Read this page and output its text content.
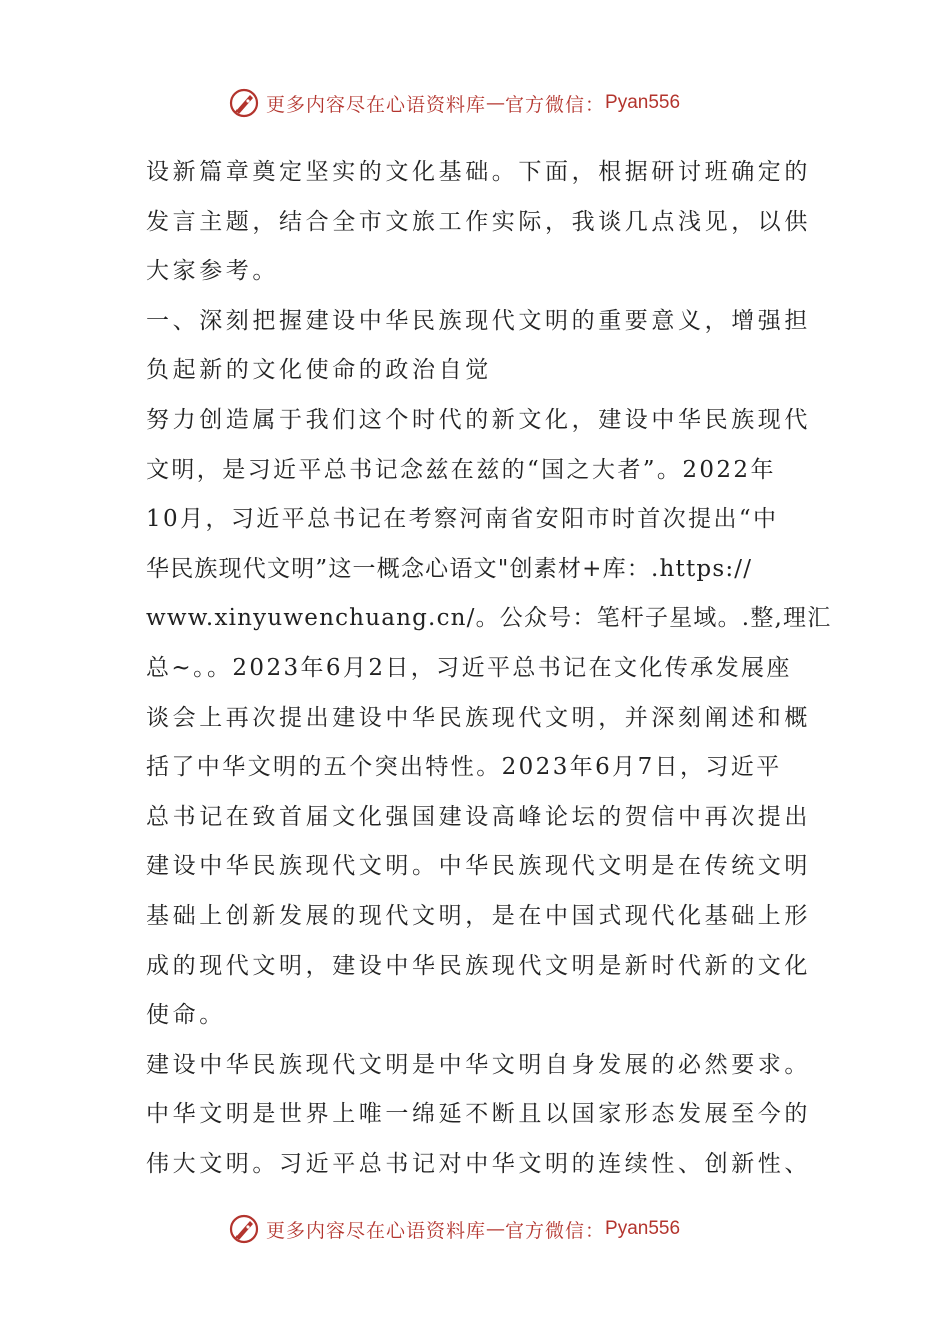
更多内容尽在心语资料库 — 官方微信： Pyan556
设新篇章奠定坚实的文化基础。下面，根据研讨班确定的
发言主题，结合全市文旅工作实际，我谈几点浅见，以供
大家参考。
一、深刻把握建设中华民族现代文明的重要意义，增强担
负起新的文化使命的政治自觉
努力创造属于我们这个时代的新文化，建设中华民族现代
文明，是习近平总书记念兹在兹的“国之大者”。2022年
10月，习近平总书记在考察河南省安阳市时首次提出“中
华民族现代文明”这一概念心语文"创素材+库：.https://
www.xinyuwenchuang.cn/。公众号：笔杆子星域。.整,理汇
总~。。2023年6月2日，习近平总书记在文化传承发展座
谈会上再次提出建设中华民族现代文明，并深刻阐述和概
括了中华文明的五个突出特性。2023年6月7日，习近平
总书记在致首届文化强国建设高峰论坛的贺信中再次提出
建设中华民族现代文明。中华民族现代文明是在传统文明
基础上创新发展的现代文明，是在中国式现代化基础上形
成的现代文明，建设中华民族现代文明是新时代新的文化
使命。
建设中华民族现代文明是中华文明自身发展的必然要求。
中华文明是世界上唯一绵延不断且以国家形态发展至今的
伟大文明。习近平总书记对中华文明的连续性、创新性、
更多内容尽在心语资料库 — 官方微信： Pyan556
